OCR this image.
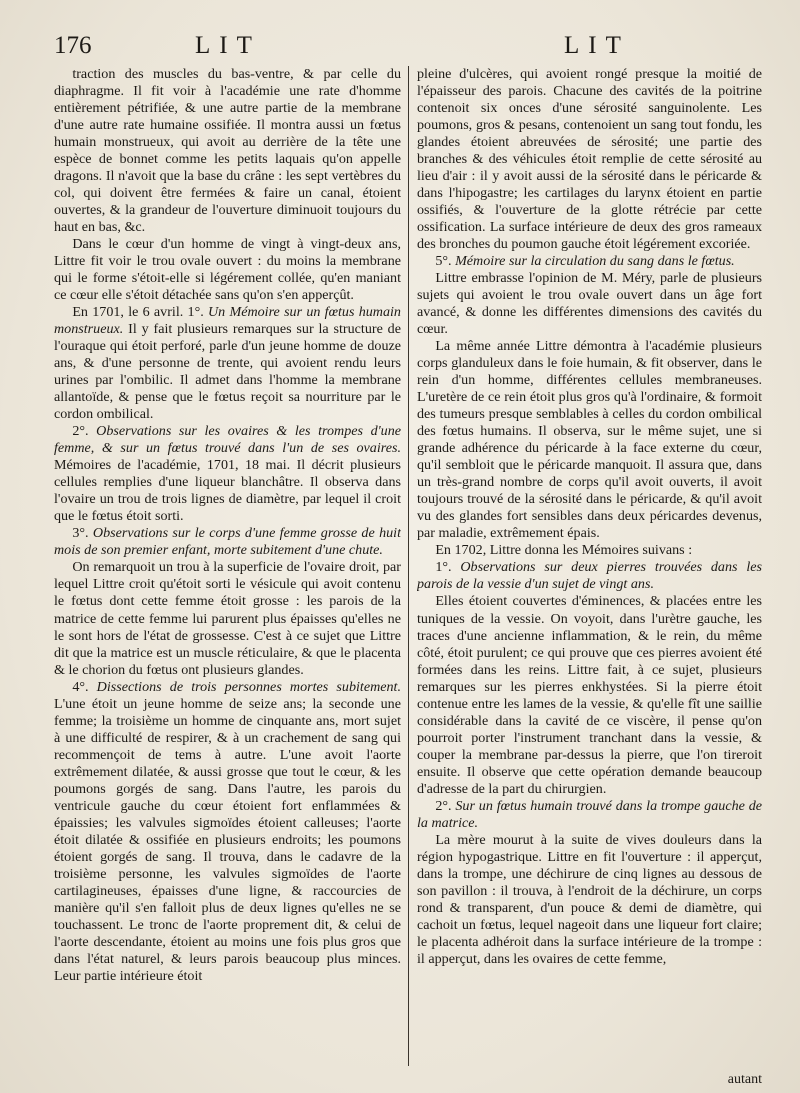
176	LIT	LIT

traction des muscles du bas-ventre, & par celle du diaphragme. Il fit voir à l'académie une rate d'homme entièrement pétrifiée, & une autre partie de la membrane d'une autre rate humaine ossifiée. Il montra aussi un fœtus humain monstrueux, qui avoit au derrière de la tête une espèce de bonnet comme les petits laquais qu'on appelle dragons. Il n'avoit que la base du crâne : les sept vertèbres du col, qui doivent être fermées & faire un canal, étoient ouvertes, & la grandeur de l'ouverture diminuoit toujours du haut en bas, &c.

Dans le cœur d'un homme de vingt à vingt-deux ans, Littre fit voir le trou ovale ouvert : du moins la membrane qui le forme s'étoit-elle si légérement collée, qu'en maniant ce cœur elle s'étoit détachée sans qu'on s'en apperçût.

En 1701, le 6 avril. 1°. Un Mémoire sur un fœtus humain monstrueux. Il y fait plusieurs remarques sur la structure de l'ouraque qui étoit perforé, parle d'un jeune homme de douze ans, & d'une personne de trente, qui avoient rendu leurs urines par l'ombilic. Il admet dans l'homme la membrane allantoïde, & pense que le fœtus reçoit sa nourriture par le cordon ombilical.

2°. Observations sur les ovaires & les trompes d'une femme, & sur un fœtus trouvé dans l'un de ses ovaires. Mémoires de l'académie, 1701, 18 mai. Il décrit plusieurs cellules remplies d'une liqueur blanchâtre. Il observa dans l'ovaire un trou de trois lignes de diamètre, par lequel il croit que le fœtus étoit sorti.

3°. Observations sur le corps d'une femme grosse de huit mois de son premier enfant, morte subitement d'une chute.

On remarquoit un trou à la superficie de l'ovaire droit, par lequel Littre croit qu'étoit sorti le vésicule qui avoit contenu le fœtus dont cette femme étoit grosse : les parois de la matrice de cette femme lui parurent plus épaisses qu'elles ne le sont hors de l'état de grossesse. C'est à ce sujet que Littre dit que la matrice est un muscle réticulaire, & que le placenta & le chorion du fœtus ont plusieurs glandes.

4°. Dissections de trois personnes mortes subitement. L'une étoit un jeune homme de seize ans; la seconde une femme; la troisième un homme de cinquante ans, mort sujet à une difficulté de respirer, & à un crachement de sang qui recommençoit de tems à autre. L'une avoit l'aorte extrêmement dilatée, & aussi grosse que tout le cœur, & les poumons gorgés de sang. Dans l'autre, les parois du ventricule gauche du cœur étoient fort enflammées & épaissies; les valvules sigmoïdes étoient calleuses; l'aorte étoit dilatée & ossifiée en plusieurs endroits; les poumons étoient gorgés de sang. Il trouva, dans le cadavre de la troisième personne, les valvules sigmoïdes de l'aorte cartilagineuses, épaisses d'une ligne, & raccourcies de manière qu'il s'en falloit plus de deux lignes qu'elles ne se touchassent. Le tronc de l'aorte proprement dit, & celui de l'aorte descendante, étoient au moins une fois plus gros que dans l'état naturel, & leurs parois beaucoup plus minces. Leur partie intérieure étoit

pleine d'ulcères, qui avoient rongé presque la moitié de l'épaisseur des parois. Chacune des cavités de la poitrine contenoit six onces d'une sérosité sanguinolente. Les poumons, gros & pesans, contenoient un sang tout fondu, les glandes étoient abreuvées de sérosité; une partie des branches & des véhicules étoit remplie de cette sérosité au lieu d'air : il y avoit aussi de la sérosité dans le péricarde & dans l'hipogastre; les cartilages du larynx étoient en partie ossifiés, & l'ouverture de la glotte rétrécie par cette ossification. La surface intérieure de deux des gros rameaux des bronches du poumon gauche étoit légérement excoriée.

5°. Mémoire sur la circulation du sang dans le fœtus.

Littre embrasse l'opinion de M. Méry, parle de plusieurs sujets qui avoient le trou ovale ouvert dans un âge fort avancé, & donne les différentes dimensions des cavités du cœur.

La même année Littre démontra à l'académie plusieurs corps glanduleux dans le foie humain, & fit observer, dans le rein d'un homme, différentes cellules membraneuses. L'uretère de ce rein étoit plus gros qu'à l'ordinaire, & formoit des tumeurs presque semblables à celles du cordon ombilical des fœtus humains. Il observa, sur le même sujet, une si grande adhérence du péricarde à la face externe du cœur, qu'il sembloit que le péricarde manquoit. Il assura que, dans un très-grand nombre de corps qu'il avoit ouverts, il avoit toujours trouvé de la sérosité dans le péricarde, & qu'il avoit vu des glandes fort sensibles dans deux péricardes devenus, par maladie, extrêmement épais.

En 1702, Littre donna les Mémoires suivans :

1°. Observations sur deux pierres trouvées dans les parois de la vessie d'un sujet de vingt ans.

Elles étoient couvertes d'éminences, & placées entre les tuniques de la vessie. On voyoit, dans l'urètre gauche, les traces d'une ancienne inflammation, & le rein, du même côté, étoit purulent; ce qui prouve que ces pierres avoient été formées dans les reins. Littre fait, à ce sujet, plusieurs remarques sur les pierres enkhystées. Si la pierre étoit contenue entre les lames de la vessie, & qu'elle fît une saillie considérable dans la cavité de ce viscère, il pense qu'on pourroit porter l'instrument tranchant dans la vessie, & couper la membrane par-dessus la pierre, que l'on tireroit ensuite. Il observe que cette opération demande beaucoup d'adresse de la part du chirurgien.

2°. Sur un fœtus humain trouvé dans la trompe gauche de la matrice.

La mère mourut à la suite de vives douleurs dans la région hypogastrique. Littre en fit l'ouverture : il apperçut, dans la trompe, une déchirure de cinq lignes au dessous de son pavillon : il trouva, à l'endroit de la déchirure, un corps rond & transparent, d'un pouce & demi de diamètre, qui cachoit un fœtus, lequel nageoit dans une liqueur fort claire; le placenta adhéroit dans la surface intérieure de la trompe : il apperçut, dans les ovaires de cette femme,

autant
